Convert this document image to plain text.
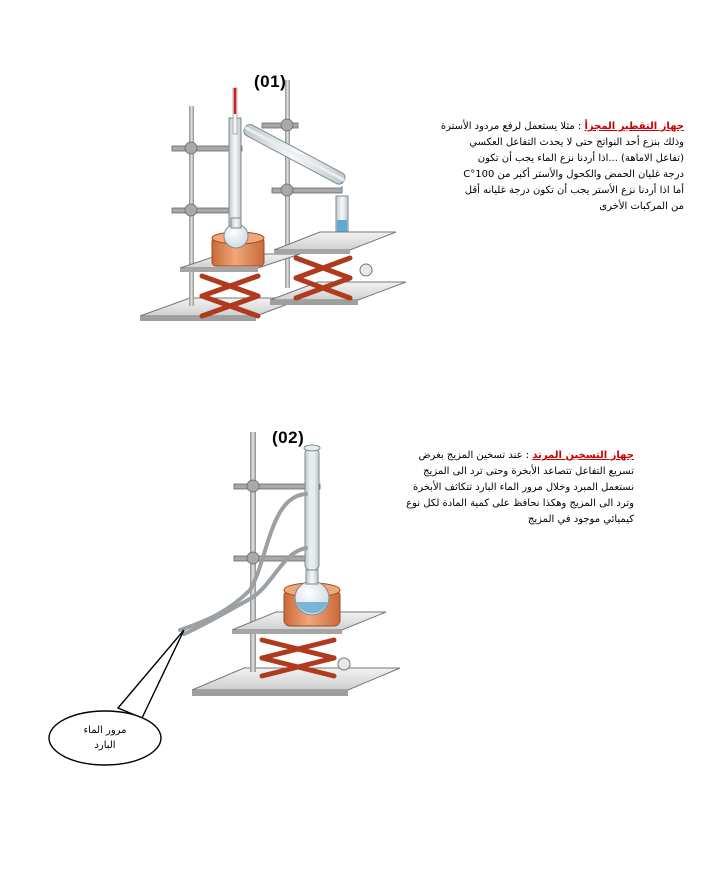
(01)
جهاز التقطير المجزأ : مثلا يستعمل لرفع مردود الأسترة
وذلك بنزع أحد النواتج حتى لا يحدث التفاعل العكسي
(تفاعل الاماهة) ...اذا أردنا نزع الماء يجب أن تكون
درجة غليان الحمض والكحول والأستر أكبر من 100°C
أما اذا أردنا نزع الأستر يجب أن تكون درجة غليانه أقل
من المركبات الأخرى
(02)
جهاز التسخين المرتد : عند تسخين المزيج بغرض
تسريع التفاعل تتصاعد الأبخرة وحتى ترد الى المزيج
نستعمل المبرد وخلال مرور الماء البارد تتكاثف الأبخرة
وترد الى المزيج وهكذا نحافظ على كمية المادة لكل نوع
كيميائي موجود في المزيج
مرور الماء
البارد
